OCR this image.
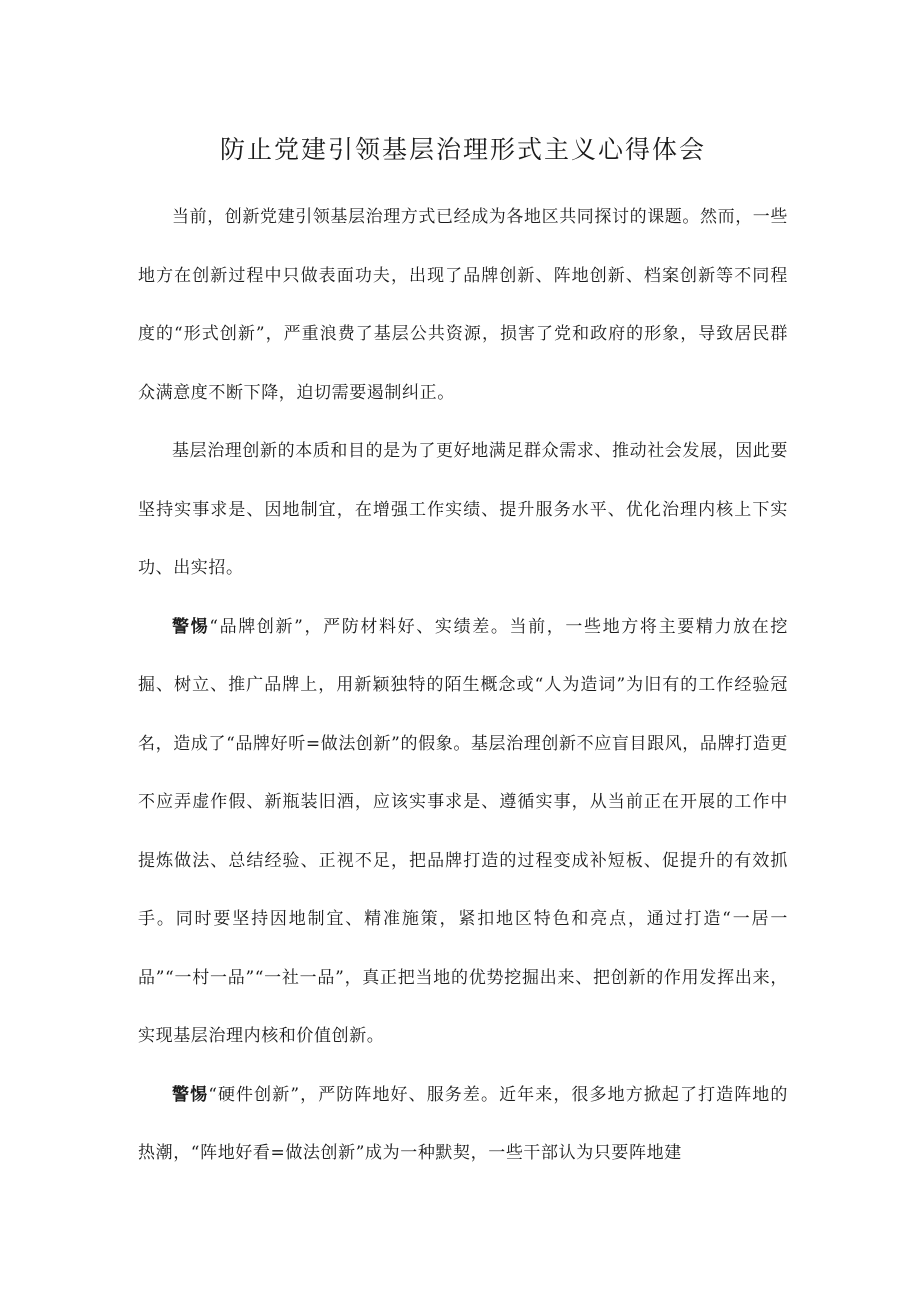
防止党建引领基层治理形式主义心得体会

当前，创新党建引领基层治理方式已经成为各地区共同探讨的课题。然而，一些地方在创新过程中只做表面功夫，出现了品牌创新、阵地创新、档案创新等不同程度的“形式创新”，严重浪费了基层公共资源，损害了党和政府的形象，导致居民群众满意度不断下降，迫切需要遏制纠正。

基层治理创新的本质和目的是为了更好地满足群众需求、推动社会发展，因此要坚持实事求是、因地制宜，在增强工作实绩、提升服务水平、优化治理内核上下实功、出实招。

警惕“品牌创新”，严防材料好、实绩差。当前，一些地方将主要精力放在挖掘、树立、推广品牌上，用新颖独特的陌生概念或“人为造词”为旧有的工作经验冠名，造成了“品牌好听=做法创新”的假象。基层治理创新不应盲目跟风，品牌打造更不应弄虚作假、新瓶装旧酒，应该实事求是、遵循实事，从当前正在开展的工作中提炼做法、总结经验、正视不足，把品牌打造的过程变成补短板、促提升的有效抓手。同时要坚持因地制宜、精准施策，紧扣地区特色和亮点，通过打造“一居一品”“一村一品”“一社一品”，真正把当地的优势挖掘出来、把创新的作用发挥出来，实现基层治理内核和价值创新。

警惕“硬件创新”，严防阵地好、服务差。近年来，很多地方掀起了打造阵地的热潮，“阵地好看=做法创新”成为一种默契，一些干部认为只要阵地建
